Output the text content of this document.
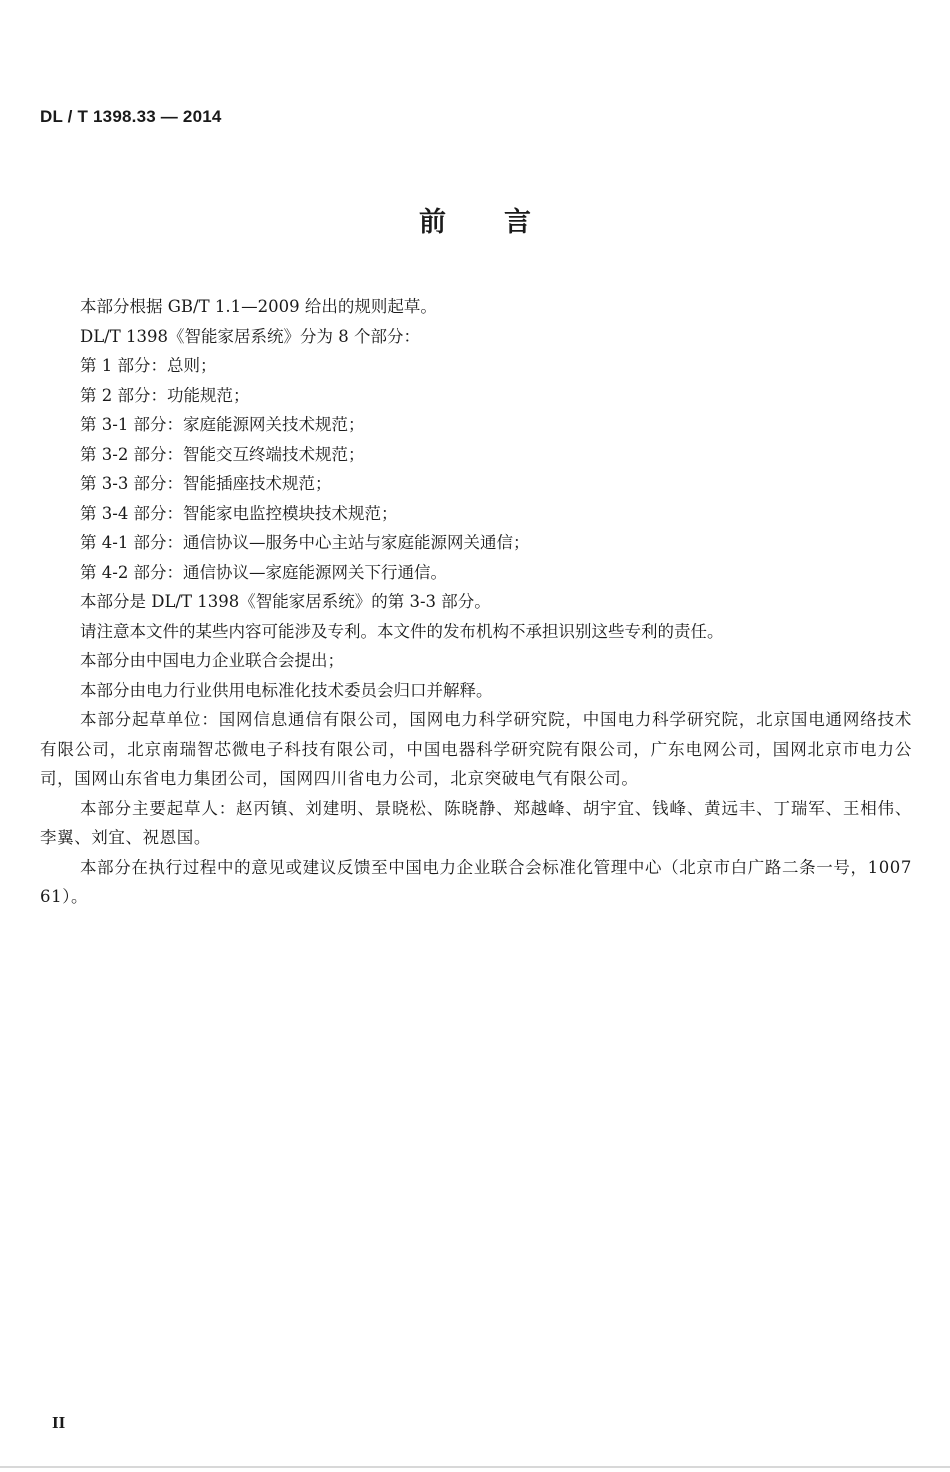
DL / T 1398.33 — 2014
前 言
本部分根据 GB/T 1.1—2009 给出的规则起草。
DL/T 1398《智能家居系统》分为 8 个部分：
第 1 部分：总则；
第 2 部分：功能规范；
第 3-1 部分：家庭能源网关技术规范；
第 3-2 部分：智能交互终端技术规范；
第 3-3 部分：智能插座技术规范；
第 3-4 部分：智能家电监控模块技术规范；
第 4-1 部分：通信协议—服务中心主站与家庭能源网关通信；
第 4-2 部分：通信协议—家庭能源网关下行通信。
本部分是 DL/T 1398《智能家居系统》的第 3-3 部分。
请注意本文件的某些内容可能涉及专利。本文件的发布机构不承担识别这些专利的责任。
本部分由中国电力企业联合会提出；
本部分由电力行业供用电标准化技术委员会归口并解释。
本部分起草单位：国网信息通信有限公司，国网电力科学研究院，中国电力科学研究院，北京国电通网络技术有限公司，北京南瑞智芯微电子科技有限公司，中国电器科学研究院有限公司，广东电网公司，国网北京市电力公司，国网山东省电力集团公司，国网四川省电力公司，北京突破电气有限公司。
本部分主要起草人：赵丙镇、刘建明、景晓松、陈晓静、郑越峰、胡宇宜、钱峰、黄远丰、丁瑞军、王相伟、李翼、刘宜、祝恩国。
本部分在执行过程中的意见或建议反馈至中国电力企业联合会标准化管理中心（北京市白广路二条一号，100761）。
II
